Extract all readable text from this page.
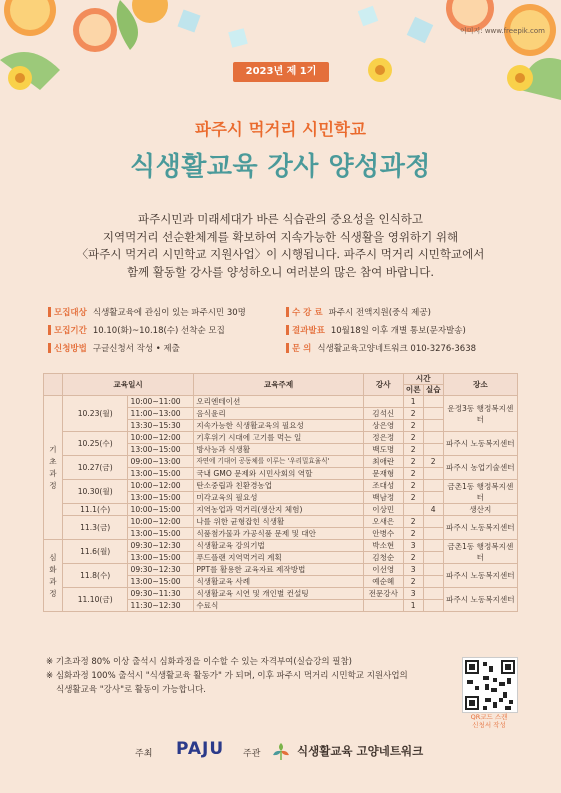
이미지: www.freepik.com
2023년 제 1기
파주시 먹거리 시민학교
식생활교육 강사 양성과정
파주시민과 미래세대가 바른 식습관의 중요성을 인식하고
지역먹거리 선순환체계를 확보하여 지속가능한 식생활을 영위하기 위해
〈파주시 먹거리 시민학교 지원사업〉이 시행됩니다. 파주시 먹거리 시민학교에서
함께 활동할 강사를 양성하오니 여러분의 많은 참여 바랍니다.
모집대상 식생활교육에 관심이 있는 파주시민 30명	수 강 료 파주시 전액지원(중식 제공)
모집기간 10.10(화)~10.18(수) 선착순 모집	결과발표 10월18일 이후 개별 통보(문자발송)
신청방법 구글신청서 작성 • 제출	문 의 식생활교육고양네트워크 010-3276-3638
	교육일시		교육주제	강사	시간		장소
					이론	실습	
기초과정	10.23(월)	10:00~11:00	오리엔테이션		1		운정3동 행정복지센터
		11:00~13:00	음식윤리	김석신	2		
		13:30~15:30	지속가능한 식생활교육의 필요성	상은영	2		
	10.25(수)	10:00~12:00	기후위기 시대에 고기를 먹는 일	정은정	2		파주시 노동복지센터
		13:00~15:00	방사능과 식생활	백도명	2		
	10.27(금)	09:00~13:00	자연에 기대어 공동체를 이루는 '우리밀효율식'	최애란	2	2	파주시 농업기술센터
		13:00~15:00	국내 GMO 문제와 시민사회의 역할	문재형	2		
	10.30(월)	10:00~12:00	탄소중립과 친환경농업	조대성	2		금촌1동 행정복지센터
		13:00~15:00	미각교육의 필요성	백남정	2		
	11.1(수)	10:00~15:00	지역농업과 먹거리(생산지 체험)	이상민		4	생산지
	11.3(금)	10:00~12:00	나를 위한 균형잡힌 식생활	오새은	2		파주시 노동복지센터
		13:00~15:00	식품첨가물과 가공식품 문제 및 대안	안병수	2		
심화과정	11.6(월)	09:30~12:30	식생활교육 강의기법	박소현	3		금촌1동 행정복지센터
		13:00~15:00	푸드플랜 지역먹거리 계획	김청순	2		
	11.8(수)	09:30~12:30	PPT를 활용한 교육자료 제작방법	이선영	3		파주시 노동복지센터
		13:00~15:00	식생활교육 사례	예순혜	2		
	11.10(금)	09:30~11:30	식생활교육 시연 및 개인별 컨설팅	전문강사	3		파주시 노동복지센터
		11:30~12:30	수료식		1		
※ 기초과정 80% 이상 출석시 심화과정을 이수할 수 있는 자격부여(실습강의 필참)
※ 심화과정 100% 출석시 "식생활교육 활동가" 가 되며, 이후 파주시 먹거리 시민학교 지원사업의
식생활교육 "강사"로 활동이 가능합니다.
QR코드 스캔
신청서 작성
주최 PAJU 주관	식생활교육 고양네트워크
